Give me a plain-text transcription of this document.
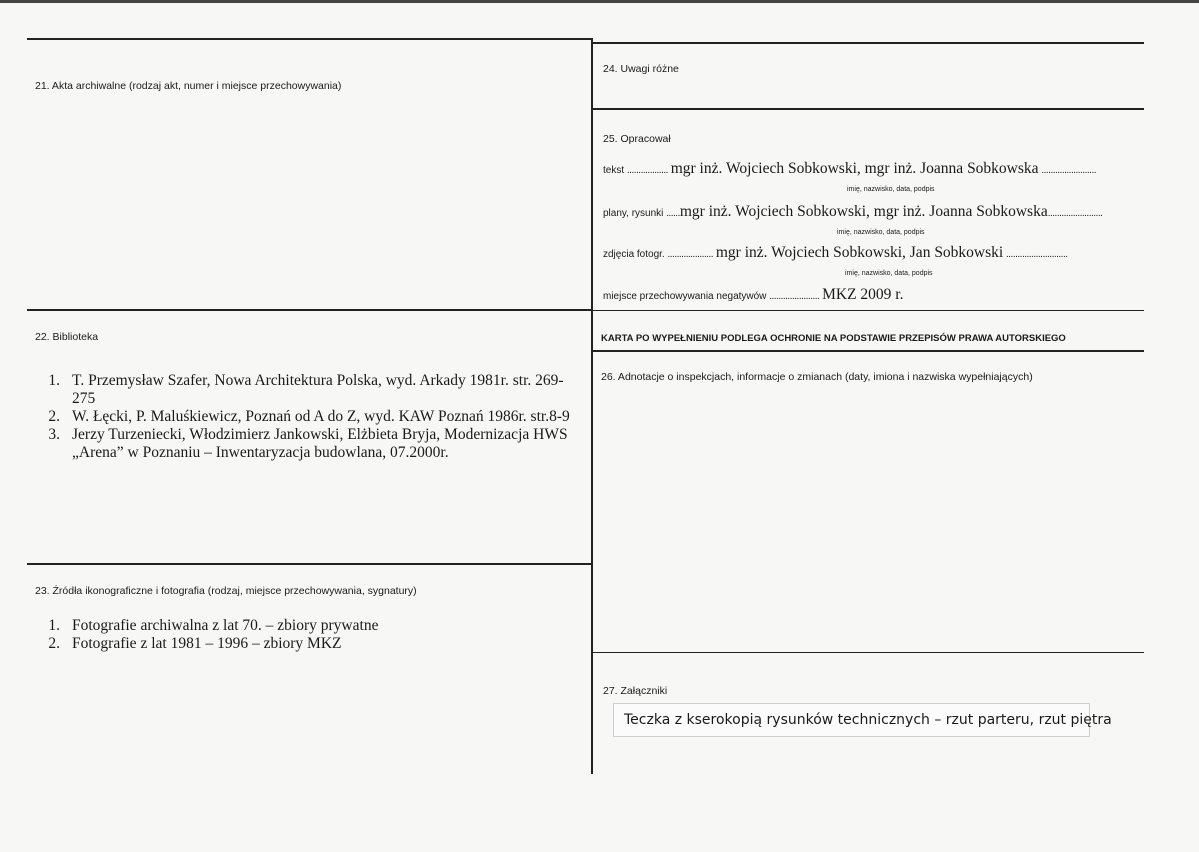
21. Akta archiwalne (rodzaj akt, numer i miejsce przechowywania)
22. Biblioteka
1. T. Przemysław Szafer, Nowa Architektura Polska, wyd. Arkady 1981r. str. 269-275
2. W. Łęcki, P. Maluśkiewicz, Poznań od A do Z, wyd. KAW Poznań 1986r. str.8-9
3. Jerzy Turzeniecki, Włodzimierz Jankowski, Elżbieta Bryja, Modernizacja HWS „Arena” w Poznaniu – Inwentaryzacja budowlana, 07.2000r.
23. Źródła ikonograficzne i fotografia (rodzaj, miejsce przechowywania, sygnatury)
1. Fotografie archiwalna z lat 70. – zbiory prywatne
2. Fotografie z lat 1981 – 1996 – zbiory MKZ
24. Uwagi różne
25. Opracował
tekst .................. mgr inż. Wojciech Sobkowski, mgr inż. Joanna Sobkowska ........................
imię, nazwisko, data, podpis
plany, rysunki ......mgr inż. Wojciech Sobkowski, mgr inż. Joanna Sobkowska........................
imię, nazwisko, data, podpis
zdjęcia fotogr. .................... mgr inż. Wojciech Sobkowski, Jan Sobkowski ...........................
imię, nazwisko, data, podpis
miejsce przechowywania negatywów ...................... MKZ 2009 r.
KARTA PO WYPEŁNIENIU PODLEGA OCHRONIE NA PODSTAWIE PRZEPISÓW PRAWA AUTORSKIEGO
26. Adnotacje o inspekcjach, informacje o zmianach (daty, imiona i nazwiska wypełniających)
27. Załączniki
Teczka z kserokopią rysunków technicznych – rzut parteru, rzut piętra
